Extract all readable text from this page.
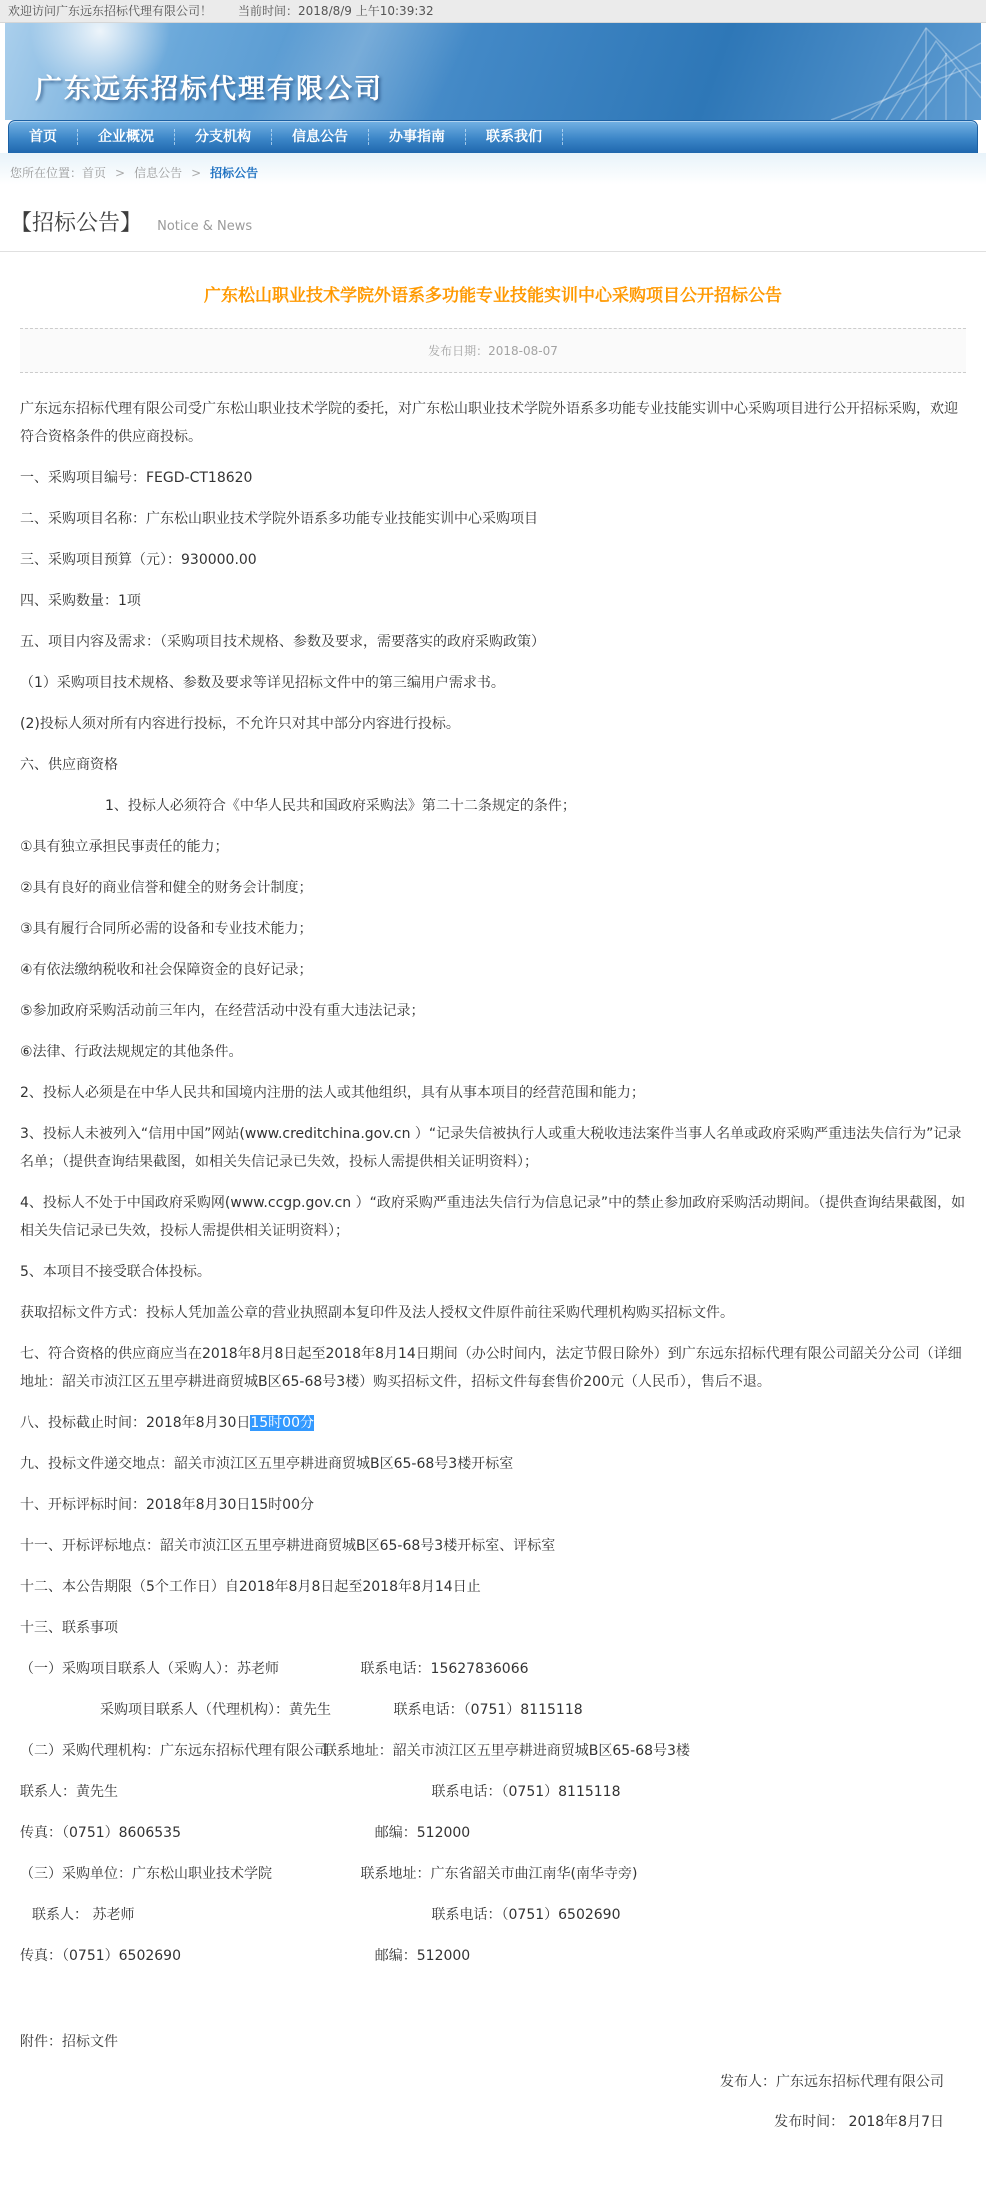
欢迎访问广东远东招标代理有限公司！ 当前时间：2018/8/9 上午10:39:32
广东远东招标代理有限公司
首页	企业概况	分支机构	信息公告	办事指南	联系我们
您所在位置：首页 > 信息公告 > 招标公告
【招标公告】 Notice & News
广东松山职业技术学院外语系多功能专业技能实训中心采购项目公开招标公告
发布日期：2018-08-07

广东远东招标代理有限公司受广东松山职业技术学院的委托，对广东松山职业技术学院外语系多功能专业技能实训中心采购项目进行公开招标采购，欢迎符合资格条件的供应商投标。

一、采购项目编号：FEGD-CT18620

二、采购项目名称：广东松山职业技术学院外语系多功能专业技能实训中心采购项目

三、采购项目预算（元）：930000.00

四、采购数量：1项

五、项目内容及需求：（采购项目技术规格、参数及要求，需要落实的政府采购政策）

（1）采购项目技术规格、参数及要求等详见招标文件中的第三编用户需求书。

(2)投标人须对所有内容进行投标，不允许只对其中部分内容进行投标。

六、供应商资格

1、投标人必须符合《中华人民共和国政府采购法》第二十二条规定的条件；

①具有独立承担民事责任的能力；

②具有良好的商业信誉和健全的财务会计制度；

③具有履行合同所必需的设备和专业技术能力；

④有依法缴纳税收和社会保障资金的良好记录；

⑤参加政府采购活动前三年内，在经营活动中没有重大违法记录；

⑥法律、行政法规规定的其他条件。

2、投标人必须是在中华人民共和国境内注册的法人或其他组织，具有从事本项目的经营范围和能力；

3、投标人未被列入“信用中国”网站(www.creditchina.gov.cn ）“记录失信被执行人或重大税收违法案件当事人名单或政府采购严重违法失信行为”记录名单；（提供查询结果截图，如相关失信记录已失效，投标人需提供相关证明资料）；

4、投标人不处于中国政府采购网(www.ccgp.gov.cn ）“政府采购严重违法失信行为信息记录”中的禁止参加政府采购活动期间。（提供查询结果截图，如相关失信记录已失效，投标人需提供相关证明资料）；

5、本项目不接受联合体投标。

获取招标文件方式：投标人凭加盖公章的营业执照副本复印件及法人授权文件原件前往采购代理机构购买招标文件。

七、符合资格的供应商应当在2018年8月8日起至2018年8月14日期间（办公时间内，法定节假日除外）到广东远东招标代理有限公司韶关分公司（详细地址：韶关市浈江区五里亭耕进商贸城B区65-68号3楼）购买招标文件，招标文件每套售价200元（人民币），售后不退。

八、投标截止时间：2018年8月30日15时00分

九、投标文件递交地点：韶关市浈江区五里亭耕进商贸城B区65-68号3楼开标室

十、开标评标时间：2018年8月30日15时00分

十一、开标评标地点：韶关市浈江区五里亭耕进商贸城B区65-68号3楼开标室、评标室

十二、本公告期限（5个工作日）自2018年8月8日起至2018年8月14日止

十三、联系事项

（一）采购项目联系人（采购人）：苏老师	联系电话：15627836066
采购项目联系人（代理机构）：黄先生	联系电话：（0751）8115118
（二）采购代理机构：广东远东招标代理有限公司
联系地址：韶关市浈江区五里亭耕进商贸城B区65-68号3楼
联系人：黄先生	联系电话：（0751）8115118
传真：（0751）8606535	邮编：512000
（三）采购单位：广东松山职业技术学院	联系地址：广东省韶关市曲江南华(南华寺旁)
联系人： 苏老师	联系电话：（0751）6502690
传真：（0751）6502690	邮编：512000
附件：招标文件
发布人：广东远东招标代理有限公司
发布时间： 2018年8月7日
